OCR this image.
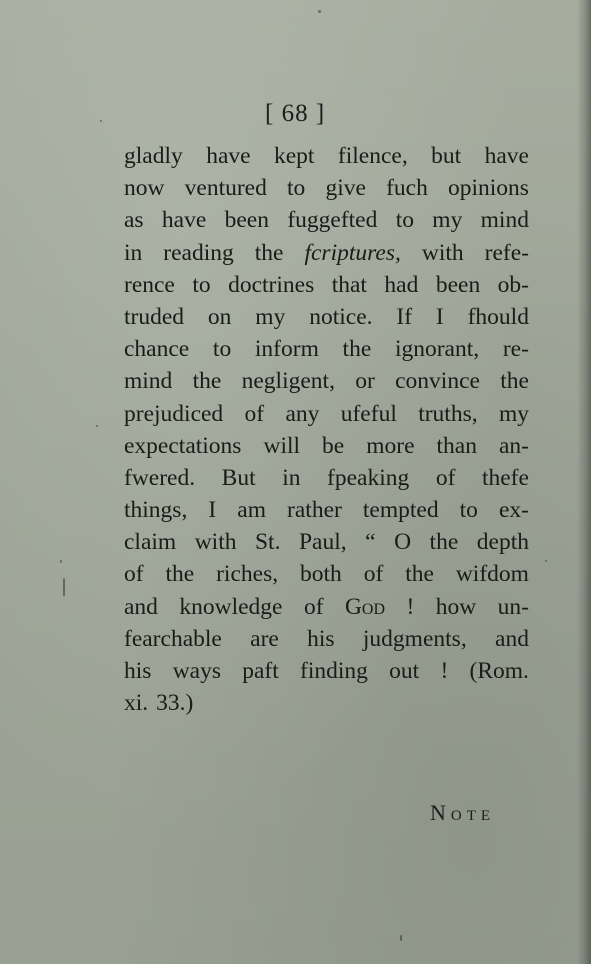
[ 68 ]
gladly have kept filence, but have
now ventured to give fuch opinions
as have been fuggefted to my mind
in reading the fcriptures, with refe-
rence to doctrines that had been ob-
truded on my notice. If I fhould
chance to inform the ignorant, re-
mind the negligent, or convince the
prejudiced of any ufeful truths, my
expectations will be more than an-
fwered. But in fpeaking of thefe
things, I am rather tempted to ex-
claim with St. Paul, “ O the depth
of the riches, both of the wifdom
and knowledge of God ! how un-
fearchable are his judgments, and
his ways paft finding out ! (Rom.
xi. 33.)
Note
